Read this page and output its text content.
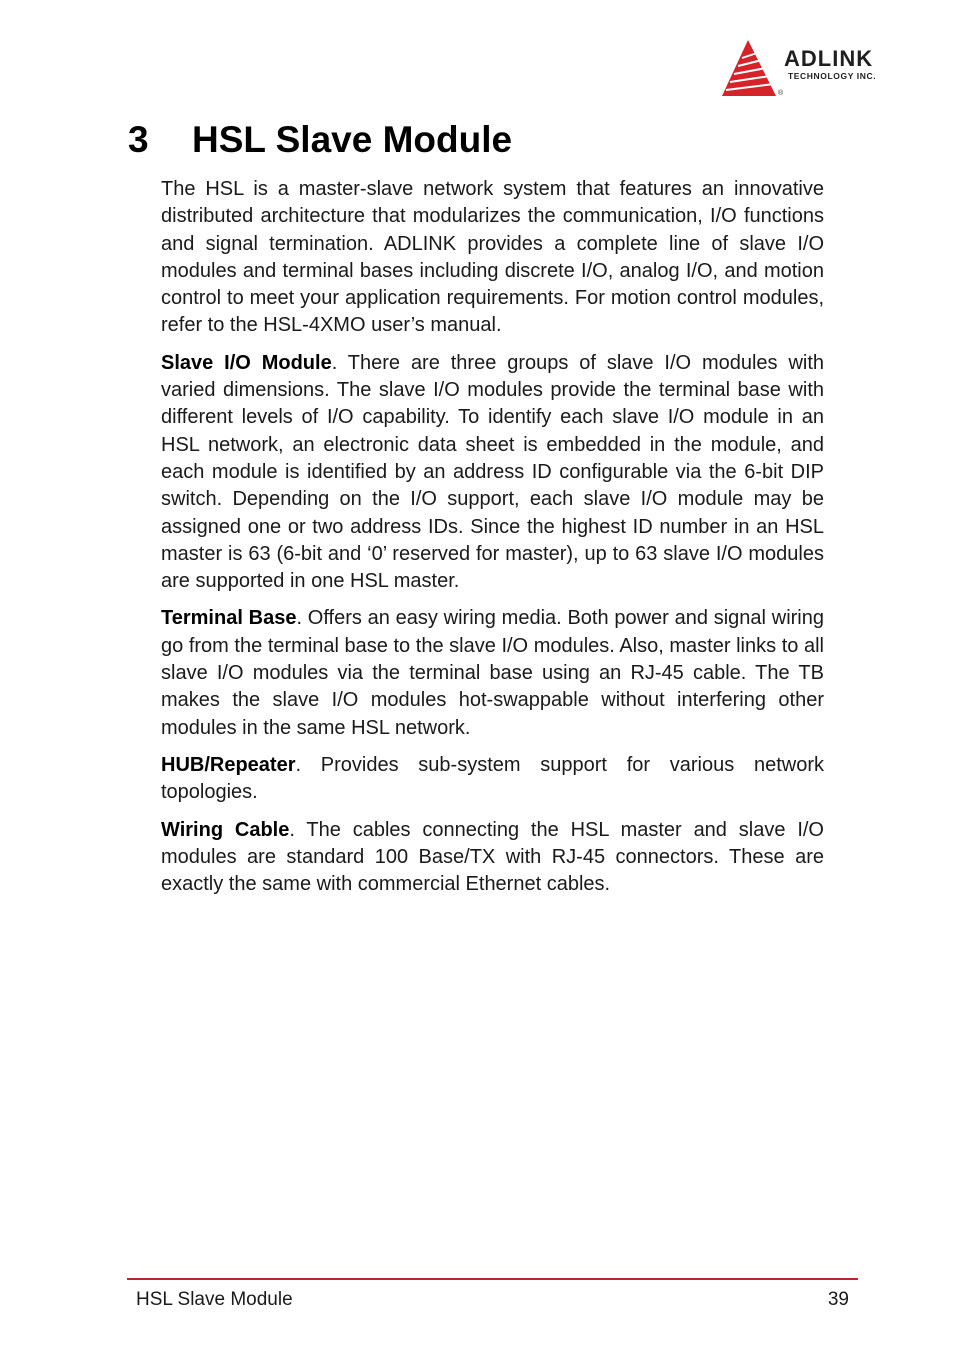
ADLINK
TECHNOLOGY INC.
®
3	HSL Slave Module

The HSL is a master-slave network system that features an innovative distributed architecture that modularizes the communication, I/O functions and signal termination. ADLINK provides a complete line of slave I/O modules and terminal bases including discrete I/O, analog I/O, and motion control to meet your application requirements. For motion control modules, refer to the HSL-4XMO user’s manual.

Slave I/O Module. There are three groups of slave I/O modules with varied dimensions. The slave I/O modules provide the terminal base with different levels of I/O capability. To identify each slave I/O module in an HSL network, an electronic data sheet is embedded in the module, and each module is identified by an address ID configurable via the 6-bit DIP switch. Depending on the I/O support, each slave I/O module may be assigned one or two address IDs. Since the highest ID number in an HSL master is 63 (6-bit and ‘0’ reserved for master), up to 63 slave I/O modules are supported in one HSL master.

Terminal Base. Offers an easy wiring media. Both power and signal wiring go from the terminal base to the slave I/O modules. Also, master links to all slave I/O modules via the terminal base using an RJ-45 cable. The TB makes the slave I/O modules hot-swappable without interfering other modules in the same HSL network.

HUB/Repeater. Provides sub-system support for various network topologies.

Wiring Cable. The cables connecting the HSL master and slave I/O modules are standard 100 Base/TX with RJ-45 connectors. These are exactly the same with commercial Ethernet cables.

HSL Slave Module	39
